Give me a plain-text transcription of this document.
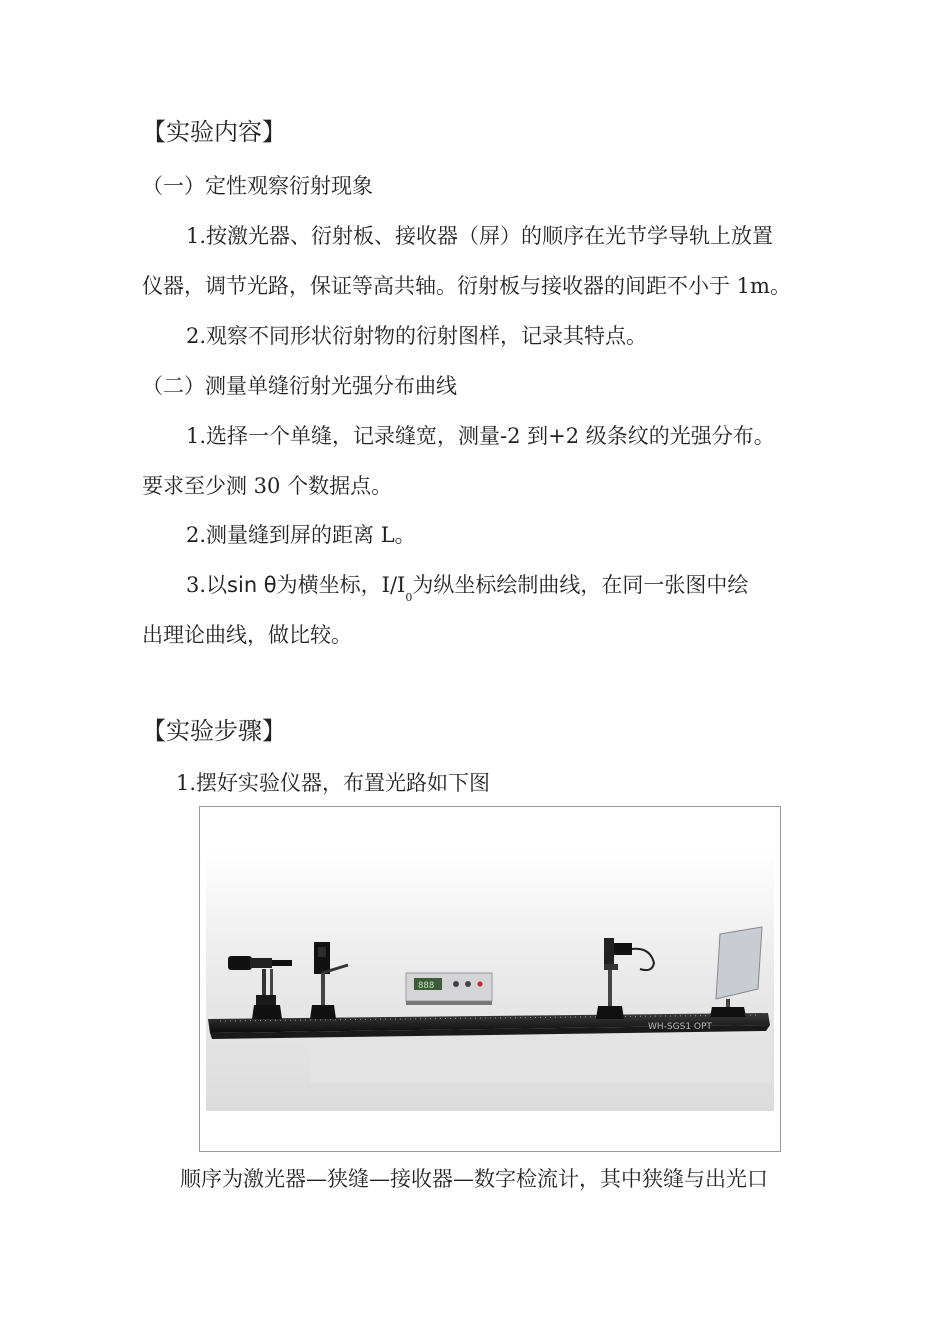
【实验内容】
（一）定性观察衍射现象
1.按激光器、衍射板、接收器（屏）的顺序在光节学导轨上放置
仪器，调节光路，保证等高共轴。衍射板与接收器的间距不小于 1m。
2.观察不同形状衍射物的衍射图样，记录其特点。
（二）测量单缝衍射光强分布曲线
1.选择一个单缝，记录缝宽，测量-2 到+2 级条纹的光强分布。
要求至少测 30 个数据点。
2.测量缝到屏的距离 L。
3.以sin θ为横坐标，$I/I_0$为纵坐标绘制曲线，在同一张图中绘
出理论曲线，做比较。
【实验步骤】
1.摆好实验仪器，布置光路如下图
888
WH-SGS1 OPT
顺序为激光器—狭缝—接收器—数字检流计，其中狭缝与出光口
